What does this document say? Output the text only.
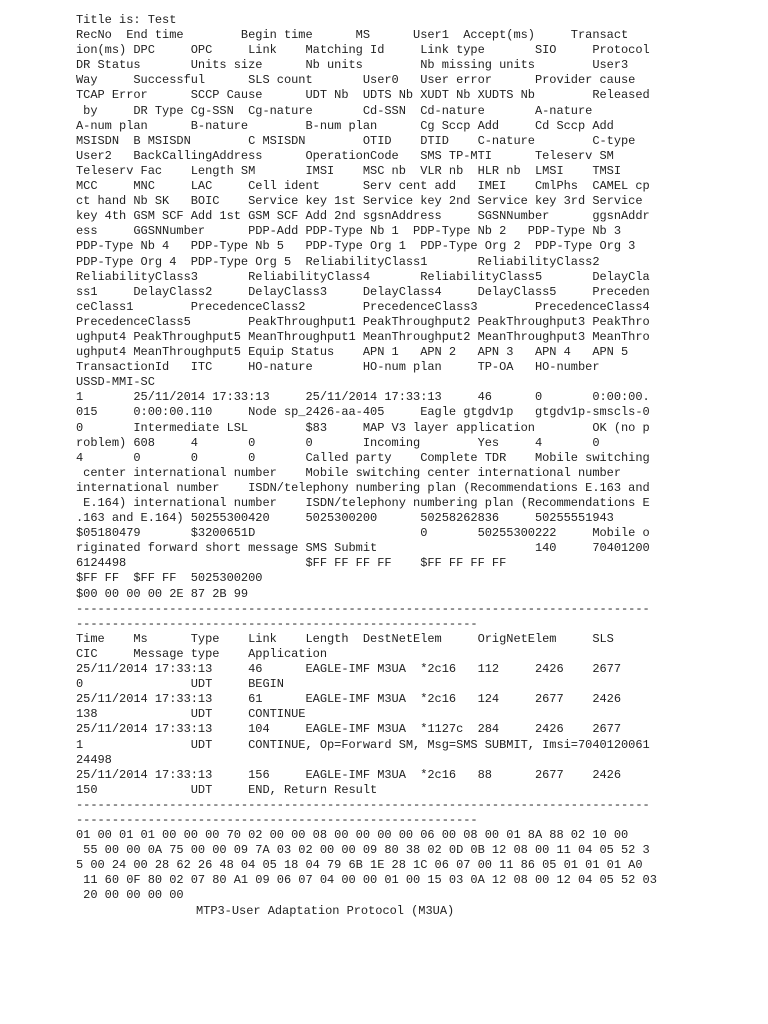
Title is: Test
RecNo  End time        Begin time      MS      User1  Accept(ms)     Transact
ion(ms) DPC     OPC     Link    Matching Id     Link type       SIO     Protocol
DR Status       Units size      Nb units        Nb missing units        User3
Way     Successful      SLS count       User0   User error      Provider cause
TCAP Error      SCCP Cause      UDT Nb  UDTS Nb XUDT Nb XUDTS Nb        Released
by     DR Type Cg-SSN  Cg-nature       Cd-SSN  Cd-nature       A-nature
A-num plan      B-nature        B-num plan      Cg Sccp Add     Cd Sccp Add
MSISDN  B MSISDN        C MSISDN        OTID    DTID    C-nature        C-type
User2   BackCallingAddress      OperationCode   SMS TP-MTI      Teleserv SM
Teleserv Fac    Length SM       IMSI    MSC nb  VLR nb  HLR nb  LMSI    TMSI
MCC     MNC     LAC     Cell ident      Serv cent add   IMEI    CmlPhs  CAMEL cp
ct hand Nb SK   BOIC    Service key 1st Service key 2nd Service key 3rd Service
key 4th GSM SCF Add 1st GSM SCF Add 2nd sgsnAddress     SGSNNumber      ggsnAddr
ess     GGSNNumber      PDP-Add PDP-Type Nb 1  PDP-Type Nb 2   PDP-Type Nb 3
PDP-Type Nb 4   PDP-Type Nb 5   PDP-Type Org 1  PDP-Type Org 2  PDP-Type Org 3
PDP-Type Org 4  PDP-Type Org 5  ReliabilityClass1       ReliabilityClass2
ReliabilityClass3       ReliabilityClass4       ReliabilityClass5       DelayCla
ss1     DelayClass2     DelayClass3     DelayClass4     DelayClass5     Preceden
ceClass1        PrecedenceClass2        PrecedenceClass3        PrecedenceClass4
PrecedenceClass5        PeakThroughput1 PeakThroughput2 PeakThroughput3 PeakThro
ughput4 PeakThroughput5 MeanThroughput1 MeanThroughput2 MeanThroughput3 MeanThro
ughput4 MeanThroughput5 Equip Status    APN 1   APN 2   APN 3   APN 4   APN 5
TransactionId   ITC     HO-nature       HO-num plan     TP-OA   HO-number
USSD-MMI-SC
1       25/11/2014 17:33:13     25/11/2014 17:33:13     46      0       0:00:00.
015     0:00:00.110     Node sp_2426-aa-405     Eagle gtgdv1p   gtgdv1p-smscls-0
0       Intermediate LSL        $83     MAP V3 layer application        OK (no p
roblem) 608     4       0       0       Incoming        Yes     4       0
4       0       0       0       Called party    Complete TDR    Mobile switching
center international number    Mobile switching center international number
international number    ISDN/telephony numbering plan (Recommendations E.163 and
E.164) international number    ISDN/telephony numbering plan (Recommendations E
.163 and E.164) 50255300420     5025300200      50258262836     50255551943
$05180479       $3200651D                       0       50255300222     Mobile o
riginated forward short message SMS Submit                      140     70401200
6124498                         $FF FF FF FF    $FF FF FF FF
$FF FF  $FF FF  5025300200
$00 00 00 00 2E 87 2B 99
--------------------------------------------------------------------------------
--------------------------------------------------------
Time    Ms      Type    Link    Length  DestNetElem     OrigNetElem     SLS
CIC     Message type    Application
25/11/2014 17:33:13     46      EAGLE-IMF M3UA  *2c16   112     2426    2677
0               UDT     BEGIN
25/11/2014 17:33:13     61      EAGLE-IMF M3UA  *2c16   124     2677    2426
138             UDT     CONTINUE
25/11/2014 17:33:13     104     EAGLE-IMF M3UA  *1127c  284     2426    2677
1               UDT     CONTINUE, Op=Forward SM, Msg=SMS SUBMIT, Imsi=7040120061
24498
25/11/2014 17:33:13     156     EAGLE-IMF M3UA  *2c16   88      2677    2426
150             UDT     END, Return Result
--------------------------------------------------------------------------------
--------------------------------------------------------
01 00 01 01 00 00 00 70 02 00 00 08 00 00 00 00 06 00 08 00 01 8A 88 02 10 00
55 00 00 0A 75 00 00 09 7A 03 02 00 00 09 80 38 02 0D 0B 12 08 00 11 04 05 52 3
5 00 24 00 28 62 26 48 04 05 18 04 79 6B 1E 28 1C 06 07 00 11 86 05 01 01 01 A0
11 60 0F 80 02 07 80 A1 09 06 07 04 00 00 01 00 15 03 0A 12 08 00 12 04 05 52 03
20 00 00 00 00
MTP3-User Adaptation Protocol (M3UA)
